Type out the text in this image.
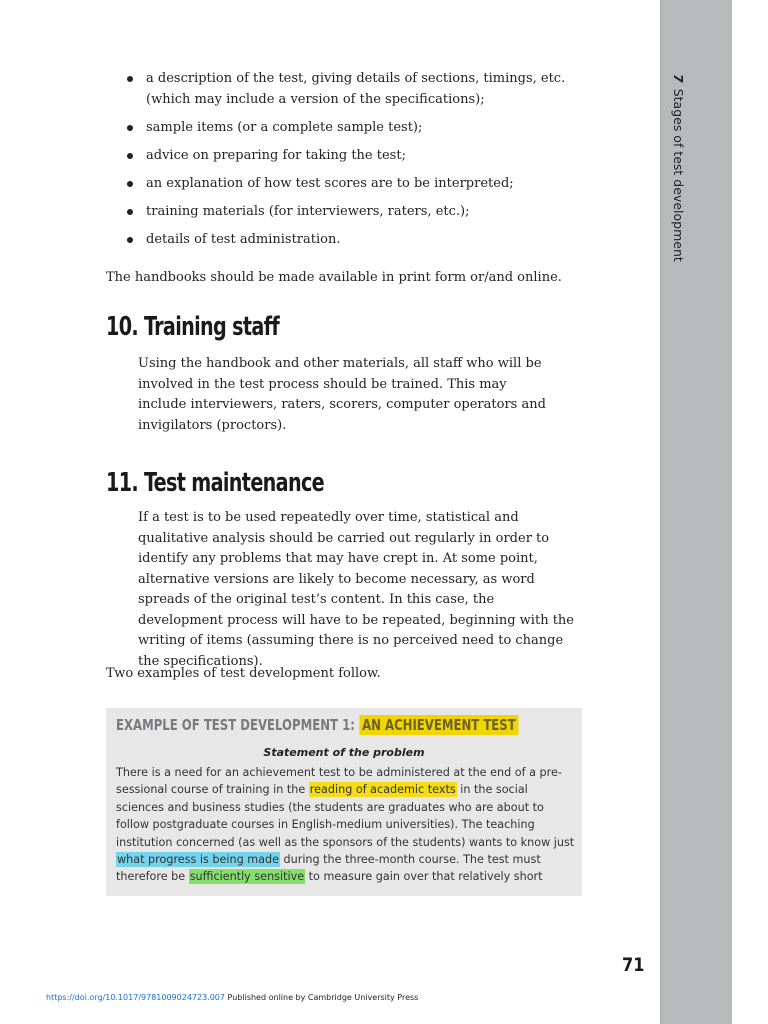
a description of the test, giving details of sections, timings, etc. (which may include a version of the specifications);
sample items (or a complete sample test);
advice on preparing for taking the test;
an explanation of how test scores are to be interpreted;
training materials (for interviewers, raters, etc.);
details of test administration.

The handbooks should be made available in print form or/and online.

10. Training staff

Using the handbook and other materials, all staff who will be involved in the test process should be trained. This may include interviewers, raters, scorers, computer operators and invigilators (proctors).

11. Test maintenance

If a test is to be used repeatedly over time, statistical and qualitative analysis should be carried out regularly in order to identify any problems that may have crept in. At some point, alternative versions are likely to become necessary, as word spreads of the original test’s content. In this case, the development process will have to be repeated, beginning with the writing of items (assuming there is no perceived need to change the specifications).

Two examples of test development follow.

EXAMPLE OF TEST DEVELOPMENT 1: AN ACHIEVEMENT TEST
Statement of the problem
There is a need for an achievement test to be administered at the end of a pre-sessional course of training in the reading of academic texts in the social sciences and business studies (the students are graduates who are about to follow postgraduate courses in English-medium universities). The teaching institution concerned (as well as the sponsors of the students) wants to know just what progress is being made during the three-month course. The test must therefore be sufficiently sensitive to measure gain over that relatively short
71
https://doi.org/10.1017/9781009024723.007 Published online by Cambridge University Press
7Stages of test development
